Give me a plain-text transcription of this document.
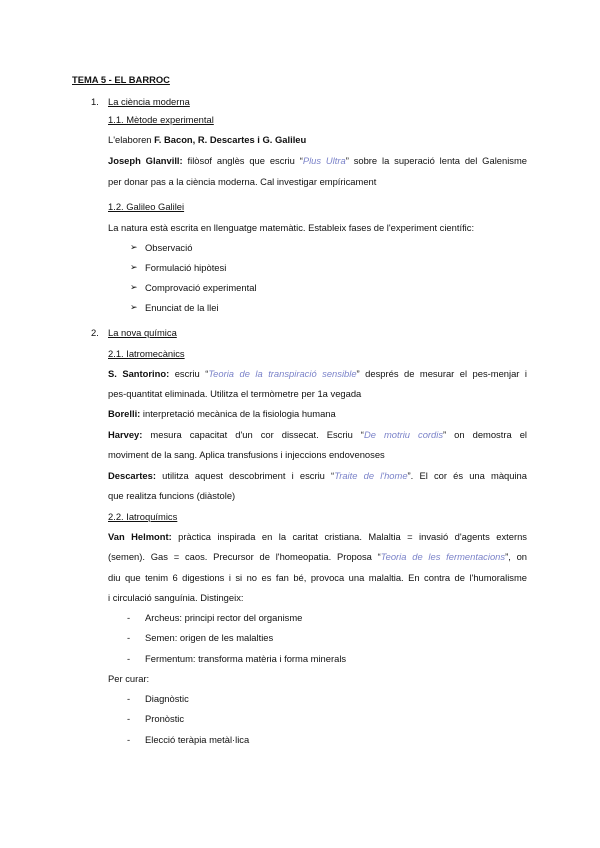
TEMA 5 - EL BARROC
1. La ciència moderna
1.1. Mètode experimental
L'elaboren F. Bacon, R. Descartes i G. Galileu
Joseph Glanvill: filòsof anglès que escriu “Plus Ultra” sobre la superació lenta del Galenisme
per donar pas a la ciència moderna. Cal investigar empíricament
1.2. Galileo Galilei
La natura està escrita en llenguatge matemàtic. Estableix fases de l'experiment científic:
➢ Observació
➢ Formulació hipòtesi
➢ Comprovació experimental
➢ Enunciat de la llei
2. La nova química
2.1. Iatromecànics
S. Santorino: escriu “Teoria de la transpiració sensible” després de mesurar el pes-menjar i
pes-quantitat eliminada. Utilitza el termòmetre per 1a vegada
Borelli: interpretació mecànica de la fisiologia humana
Harvey: mesura capacitat d'un cor dissecat. Escriu “De motriu cordis” on demostra el
moviment de la sang. Aplica transfusions i injeccions endovenoses
Descartes: utilitza aquest descobriment i escriu “Traite de l'home”. El cor és una màquina
que realitza funcions (diàstole)
2.2. Iatroquímics
Van Helmont: pràctica inspirada en la caritat cristiana. Malaltia = invasió d'agents externs
(semen). Gas = caos. Precursor de l'homeopatia. Proposa “Teoria de les fermentacions”, on
diu que tenim 6 digestions i si no es fan bé, provoca una malaltia. En contra de l'humoralisme
i circulació sanguínia. Distingeix:
- Archeus: principi rector del organisme
- Semen: origen de les malalties
- Fermentum: transforma matèria i forma minerals
Per curar:
- Diagnòstic
- Pronòstic
- Elecció teràpia metàl·lica
